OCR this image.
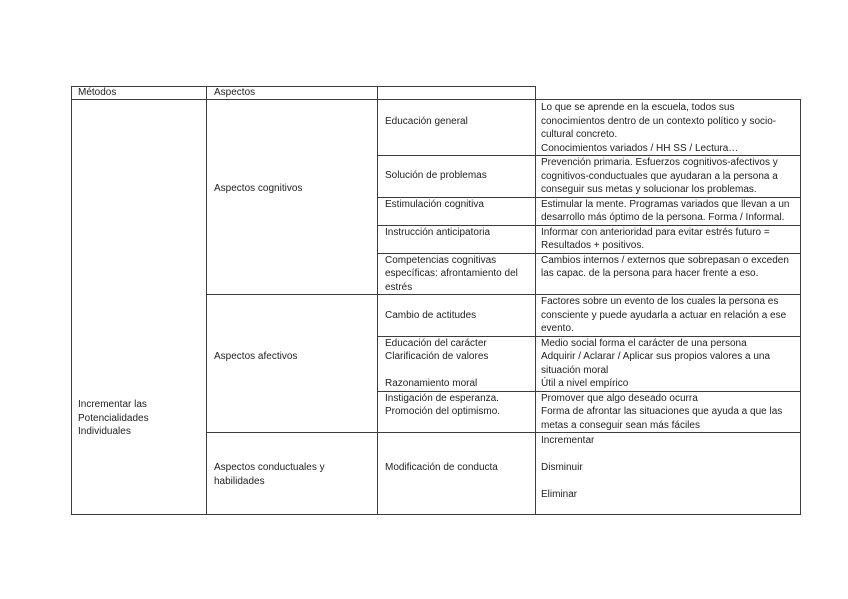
Métodos	Aspectos		

Incrementar las
Potencialidades
Individuales	Aspectos cognitivos	Educación general	Lo que se aprende en la escuela, todos sus
conocimientos dentro de un contexto político y socio-
cultural concreto.
Conocimientos variados / HH SS / Lectura…

		Solución de problemas	Prevención primaria. Esfuerzos cognitivos-afectivos y
cognitivos-conductuales que ayudaran a la persona a
conseguir sus metas y solucionar los problemas.

		Estimulación cognitiva	Estimular la mente. Programas variados que llevan a un
desarrollo más óptimo de la persona. Forma / Informal.

		Instrucción anticipatoria	Informar con anterioridad para evitar estrés futuro =
Resultados + positivos.

		Competencias cognitivas
específicas: afrontamiento del
estrés	Cambios internos / externos que sobrepasan o exceden
las capac. de la persona para hacer frente a eso.

	Aspectos afectivos	Cambio de actitudes	Factores sobre un evento de los cuales la persona es
consciente y puede ayudarla a actuar en relación a ese
evento.

		Educación del carácter
Clarificación de valores
Razonamiento moral	Medio social forma el carácter de una persona
Adquirir / Aclarar / Aplicar sus propios valores a una
situación moral
Útil a nivel empírico

		Instigación de esperanza.
Promoción del optimismo.	Promover que algo deseado ocurra
Forma de afrontar las situaciones que ayuda a que las
metas a conseguir sean más fáciles

	Aspectos conductuales y
habilidades	Modificación de conducta	Incrementar
Disminuir
Eliminar
